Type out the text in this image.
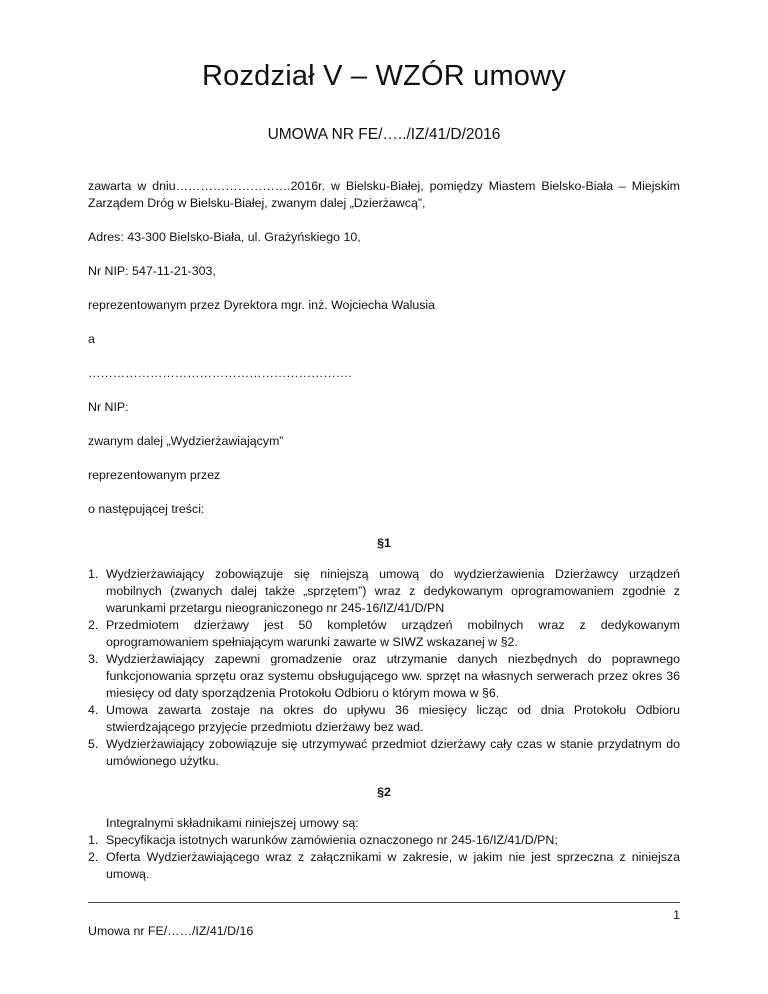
Rozdział V – WZÓR umowy
UMOWA NR FE/…../IZ/41/D/2016

zawarta w dniu……………………….2016r. w Bielsku-Białej, pomiędzy Miastem Bielsko-Biała – Miejskim Zarządem Dróg w Bielsku-Białej, zwanym dalej „Dzierżawcą”,

Adres: 43-300 Bielsko-Biała, ul. Grażyńskiego 10,

Nr NIP: 547-11-21-303,

reprezentowanym przez Dyrektora mgr. inż. Wojciecha Walusia

a

……………………………………………………….

Nr NIP:

zwanym dalej „Wydzierżawiającym”

reprezentowanym przez

o następującej treści:

§1
1. Wydzierżawiający zobowiązuje się niniejszą umową do wydzierżawienia Dzierżawcy urządzeń mobilnych (zwanych dalej także „sprzętem”) wraz z dedykowanym oprogramowaniem zgodnie z warunkami przetargu nieograniczonego nr 245-16/IZ/41/D/PN
2. Przedmiotem dzierżawy jest 50 kompletów urządzeń mobilnych wraz z dedykowanym oprogramowaniem spełniającym warunki zawarte w SIWZ wskazanej w §2.
3. Wydzierżawiający zapewni gromadzenie oraz utrzymanie danych niezbędnych do poprawnego funkcjonowania sprzętu oraz systemu obsługującego ww. sprzęt na własnych serwerach przez okres 36 miesięcy od daty sporządzenia Protokołu Odbioru o którym mowa w §6.
4. Umowa zawarta zostaje na okres do upływu 36 miesięcy licząc od dnia Protokołu Odbioru stwierdzającego przyjęcie przedmiotu dzierżawy bez wad.
5. Wydzierżawiający zobowiązuje się utrzymywać przedmiot dzierżawy cały czas w stanie przydatnym do umówionego użytku.
§2

Integralnymi składnikami niniejszej umowy są:

1. Specyfikacja istotnych warunków zamówienia oznaczonego nr 245-16/IZ/41/D/PN;
2. Oferta Wydzierżawiającego wraz z załącznikami w zakresie, w jakim nie jest sprzeczna z niniejsza umową.
1
Umowa nr FE/……/IZ/41/D/16
